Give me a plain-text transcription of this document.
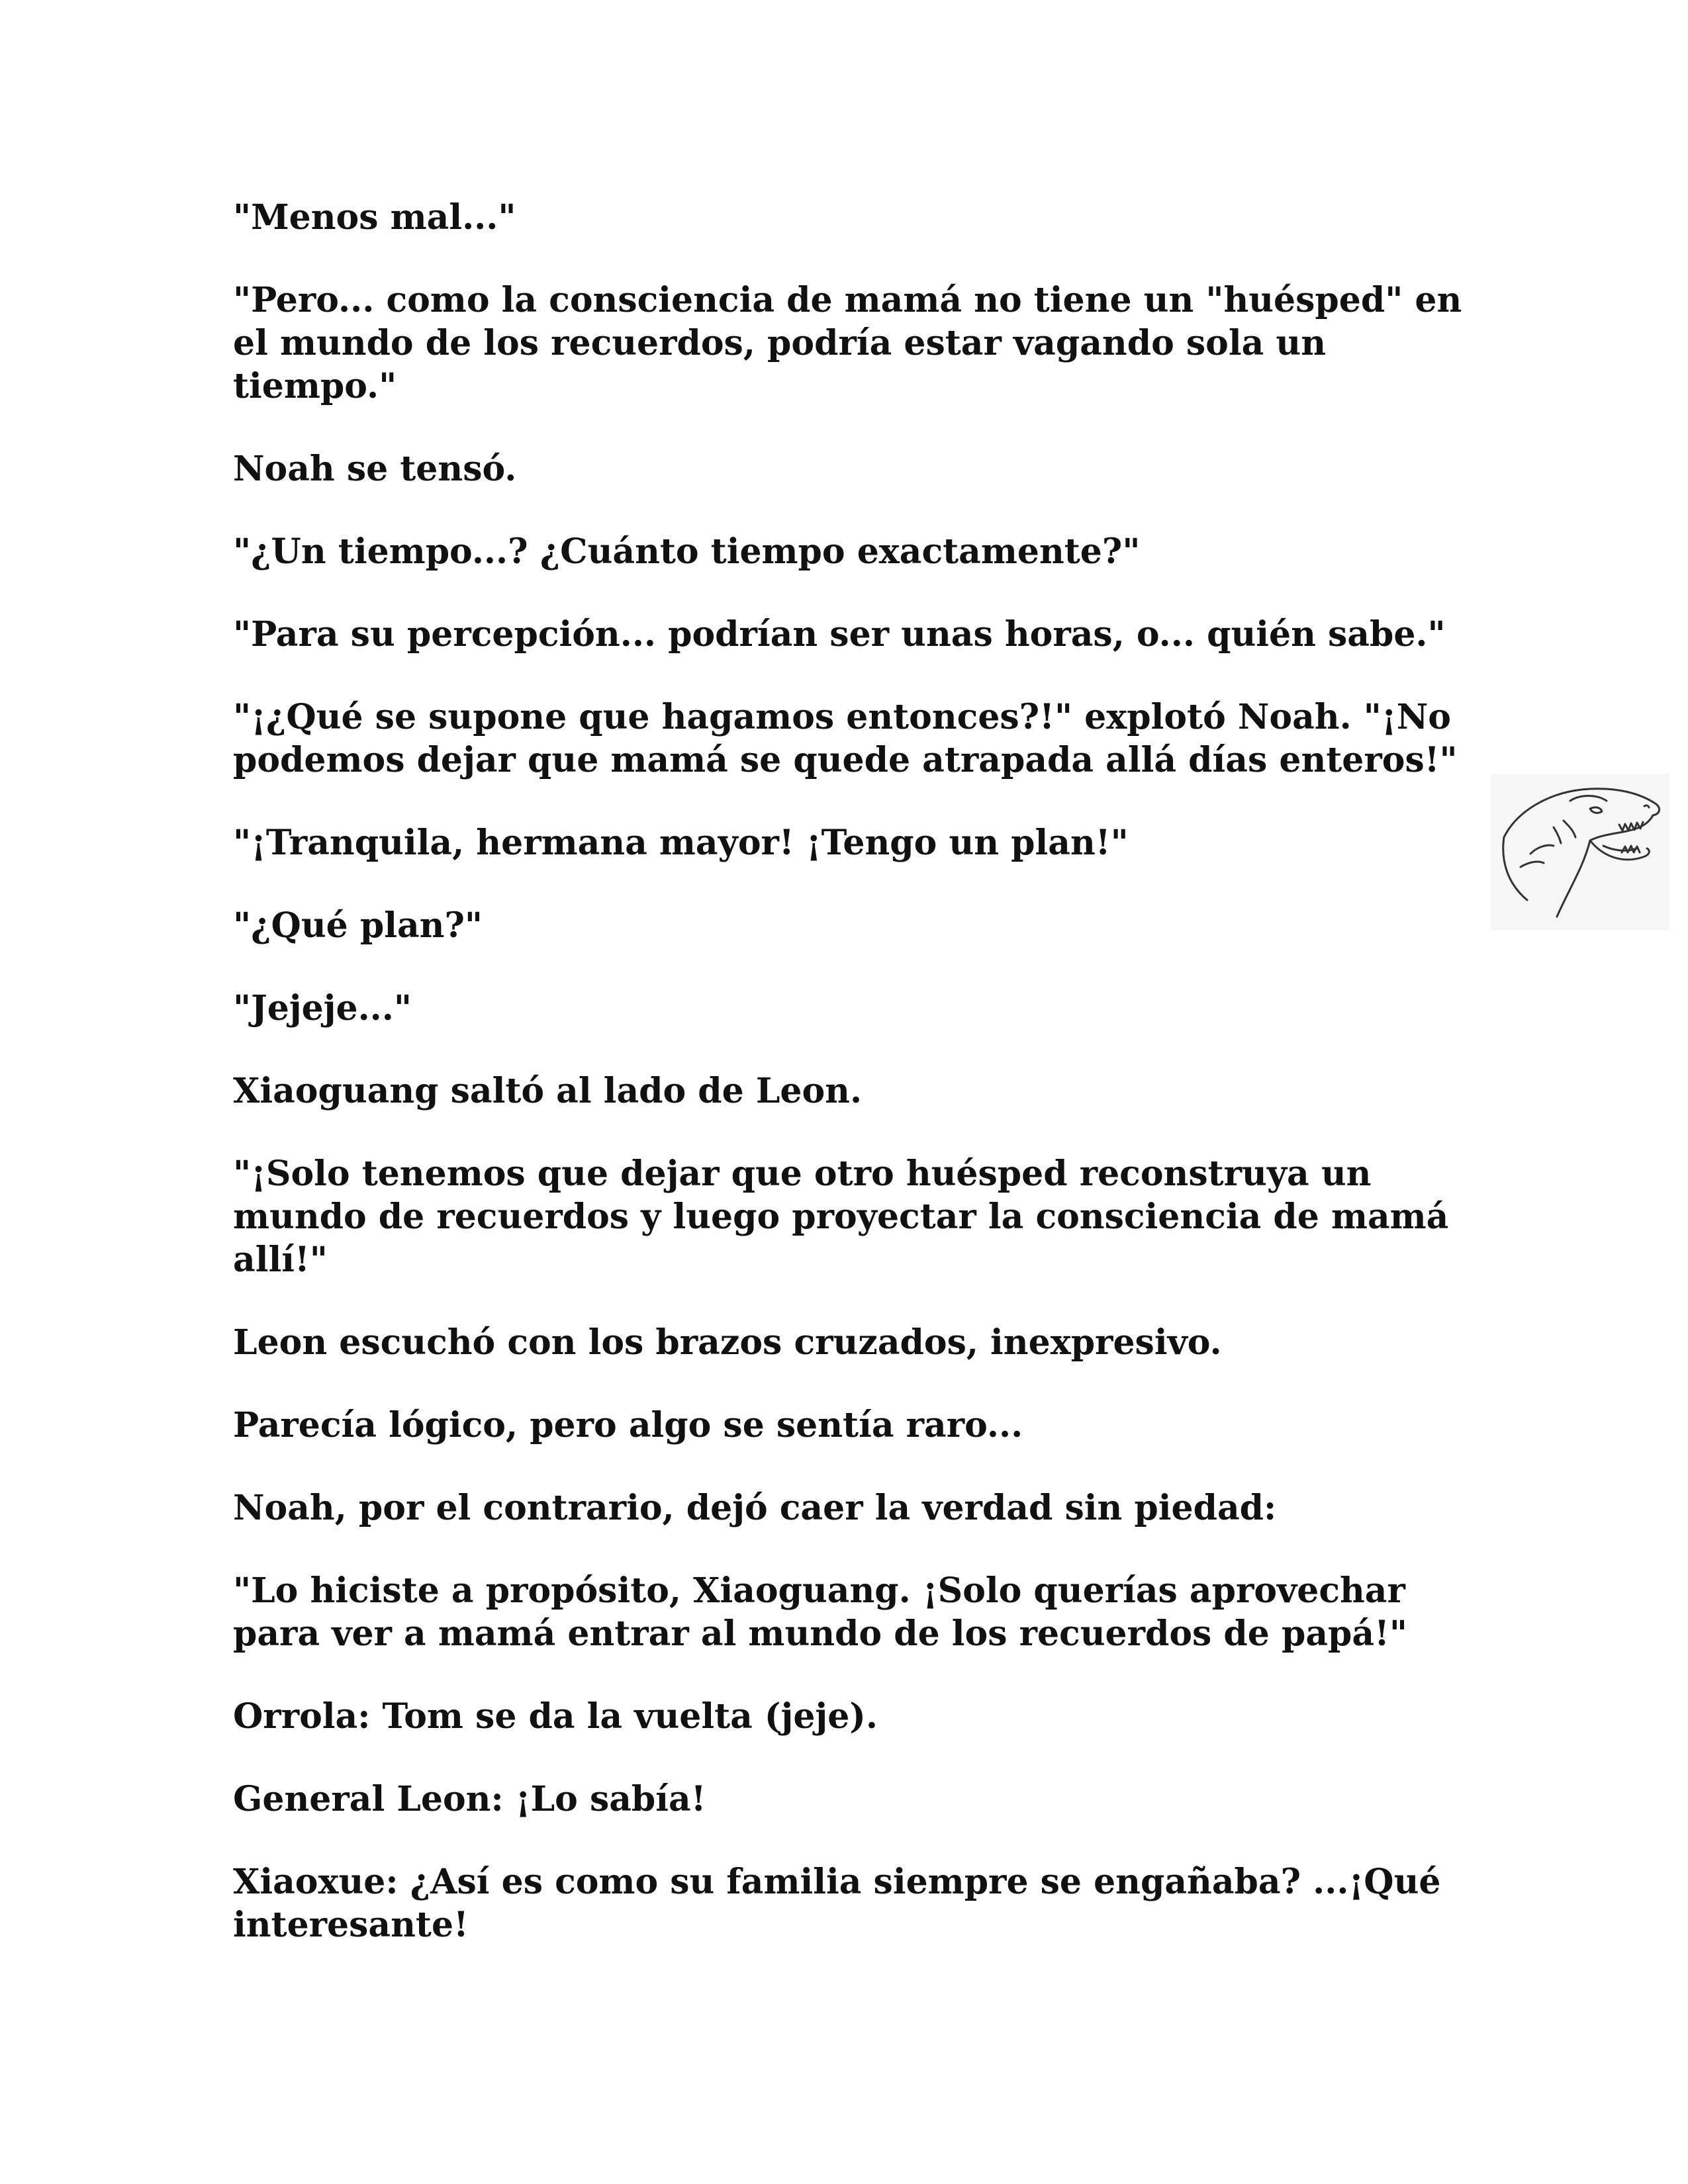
"Menos mal..."

"Pero... como la consciencia de mamá no tiene un "huésped" en el mundo de los recuerdos, podría estar vagando sola un tiempo."

Noah se tensó.

"¿Un tiempo...? ¿Cuánto tiempo exactamente?"

"Para su percepción... podrían ser unas horas, o... quién sabe."

"¡¿Qué se supone que hagamos entonces?!" explotó Noah. "¡No podemos dejar que mamá se quede atrapada allá días enteros!"

"¡Tranquila, hermana mayor! ¡Tengo un plan!"

"¿Qué plan?"

"Jejeje..."

Xiaoguang saltó al lado de Leon.

"¡Solo tenemos que dejar que otro huésped reconstruya un mundo de recuerdos y luego proyectar la consciencia de mamá allí!"

Leon escuchó con los brazos cruzados, inexpresivo.

Parecía lógico, pero algo se sentía raro...

Noah, por el contrario, dejó caer la verdad sin piedad:

"Lo hiciste a propósito, Xiaoguang. ¡Solo querías aprovechar para ver a mamá entrar al mundo de los recuerdos de papá!"

Orrola: Tom se da la vuelta (jeje).

General Leon: ¡Lo sabía!

Xiaoxue: ¿Así es como su familia siempre se engañaba? ...¡Qué interesante!
